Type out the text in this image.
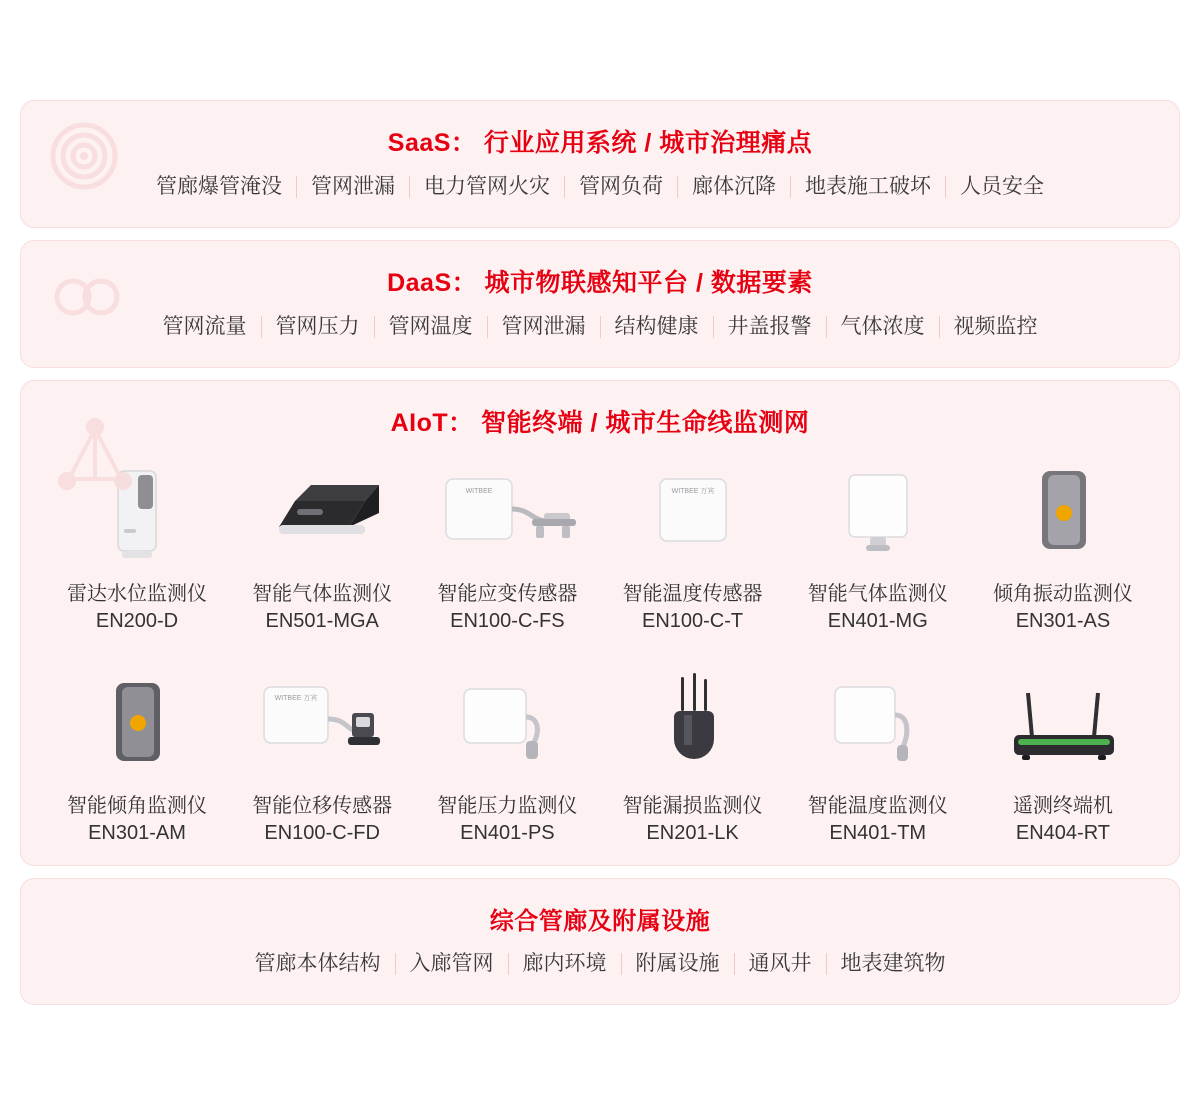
SaaS： 行业应用系统 / 城市治理痛点
管廊爆管淹没	管网泄漏	电力管网火灾	管网负荷	廊体沉降	地表施工破坏	人员安全
DaaS： 城市物联感知平台 / 数据要素
管网流量	管网压力	管网温度	管网泄漏	结构健康	井盖报警	气体浓度	视频监控
AIoT： 智能终端 / 城市生命线监测网
雷达水位监测仪
EN200-D
智能气体监测仪
EN501-MGA
WITBEE
智能应变传感器
EN100-C-FS
WITBEE 万宾
智能温度传感器
EN100-C-T
智能气体监测仪
EN401-MG
倾角振动监测仪
EN301-AS
智能倾角监测仪
EN301-AM
WITBEE 万宾
智能位移传感器
EN100-C-FD
智能压力监测仪
EN401-PS
智能漏损监测仪
EN201-LK
智能温度监测仪
EN401-TM
遥测终端机
EN404-RT
综合管廊及附属设施
管廊本体结构	入廊管网	廊内环境	附属设施	通风井	地表建筑物
